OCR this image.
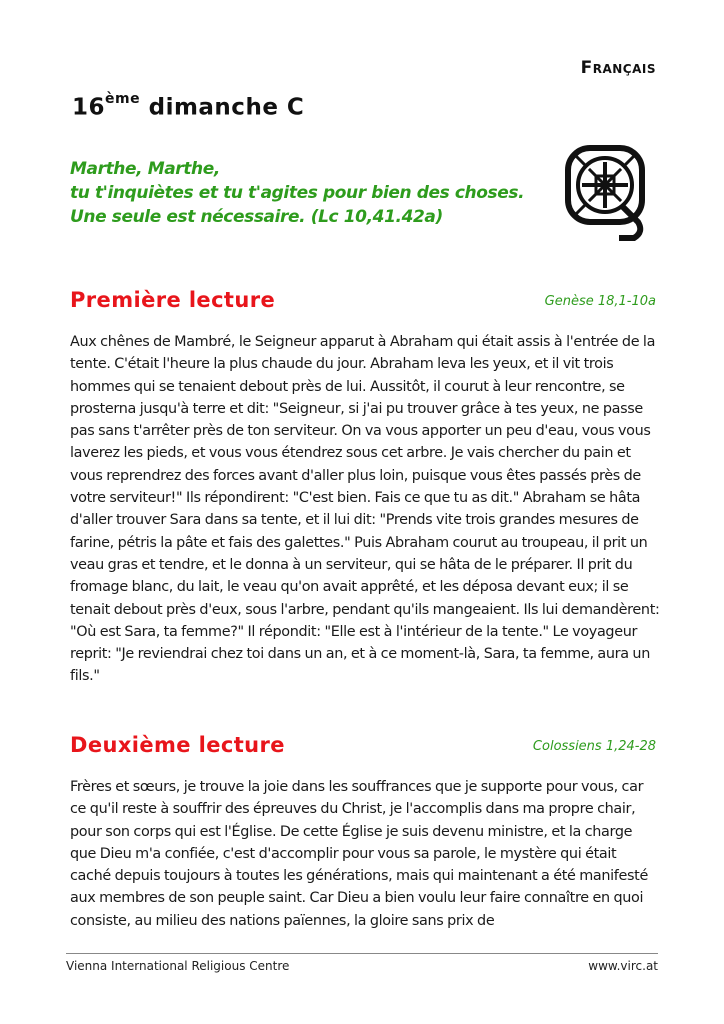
Français
16ème dimanche C

Marthe, Marthe,
tu t'inquiètes et tu t'agites pour bien des choses.
Une seule est nécessaire. (Lc 10,41.42a)

Première lecture	Genèse 18,1-10a

Aux chênes de Mambré, le Seigneur apparut à Abraham qui était assis à l'entrée de la tente. C'était l'heure la plus chaude du jour. Abraham leva les yeux, et il vit trois hommes qui se tenaient debout près de lui. Aussitôt, il courut à leur rencontre, se prosterna jusqu'à terre et dit: "Seigneur, si j'ai pu trouver grâce à tes yeux, ne passe pas sans t'arrêter près de ton serviteur. On va vous apporter un peu d'eau, vous vous laverez les pieds, et vous vous étendrez sous cet arbre. Je vais chercher du pain et vous reprendrez des forces avant d'aller plus loin, puisque vous êtes passés près de votre serviteur!" Ils répondirent: "C'est bien. Fais ce que tu as dit." Abraham se hâta d'aller trouver Sara dans sa tente, et il lui dit: "Prends vite trois grandes mesures de farine, pétris la pâte et fais des galettes." Puis Abraham courut au troupeau, il prit un veau gras et tendre, et le donna à un serviteur, qui se hâta de le préparer. Il prit du fromage blanc, du lait, le veau qu'on avait apprêté, et les déposa devant eux; il se tenait debout près d'eux, sous l'arbre, pendant qu'ils mangeaient. Ils lui demandèrent: "Où est Sara, ta femme?" Il répondit: "Elle est à l'intérieur de la tente." Le voyageur reprit: "Je reviendrai chez toi dans un an, et à ce moment-là, Sara, ta femme, aura un fils."

Deuxième lecture	Colossiens 1,24-28

Frères et sœurs, je trouve la joie dans les souffrances que je supporte pour vous, car ce qu'il reste à souffrir des épreuves du Christ, je l'accomplis dans ma propre chair, pour son corps qui est l'Église. De cette Église je suis devenu ministre, et la charge que Dieu m'a confiée, c'est d'accomplir pour vous sa parole, le mystère qui était caché depuis toujours à toutes les générations, mais qui maintenant a été manifesté aux membres de son peuple saint. Car Dieu a bien voulu leur faire connaître en quoi consiste, au milieu des nations païennes, la gloire sans prix de

Vienna International Religious Centre	www.virc.at
